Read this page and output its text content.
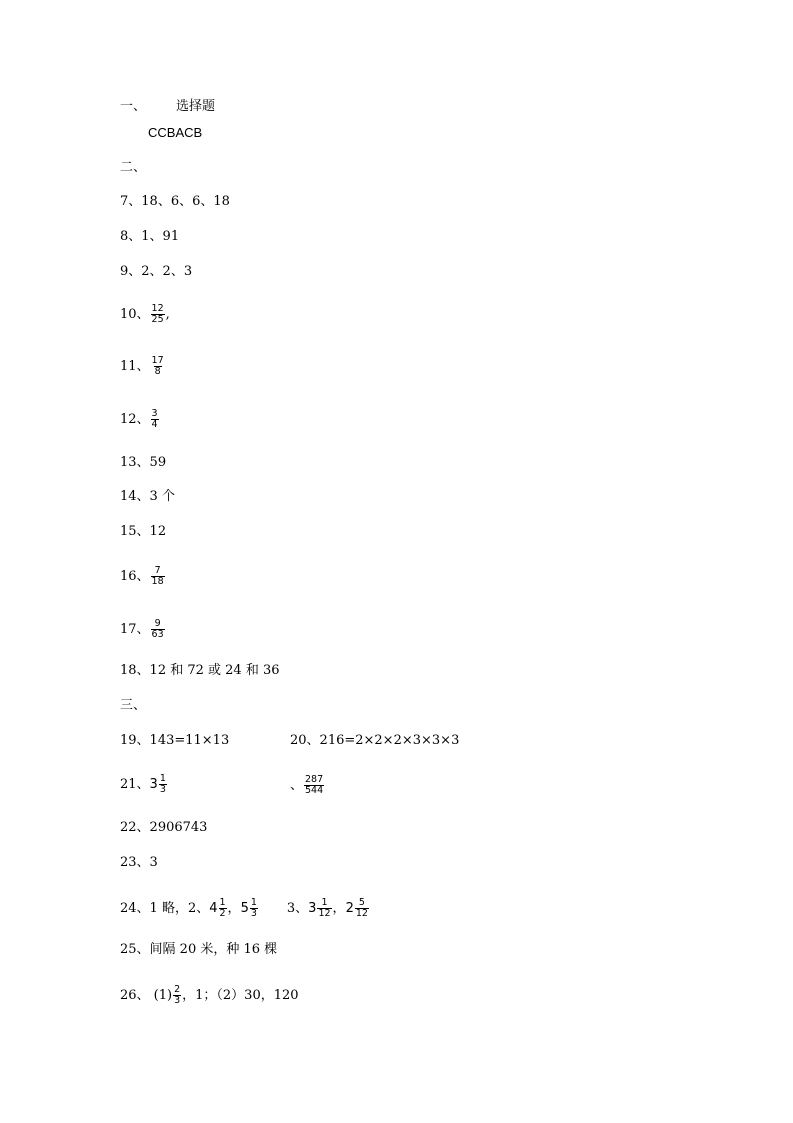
一、 选择题
CCBACB
二、
7、18、6、6、18
8、1、91
9、2、2、3
10、 $\frac{12}{25}$ ,
11、 $\frac{17}{8}$
12、 $\frac{3}{4}$
13、59
14、3 个
15、12
16、 $\frac{7}{18}$
17、 $\frac{9}{63}$
18、12 和 72 或 24 和 36
三、
19、143=11×13	20、216=2×2×2×3×3×3
21、$3 \frac{1}{3}$	、 $\frac{287}{544}$
22、2906743
23、3
24、1 略，2、$4 \frac{1}{2}$ ，$5 \frac{1}{3} 3$、$3 \frac{1}{12}$ ，$2 \frac{5}{12}$
25、间隔 20 米，种 16 棵
26、 $(1) \frac{2}{3}$ ，1；（2）30，120
